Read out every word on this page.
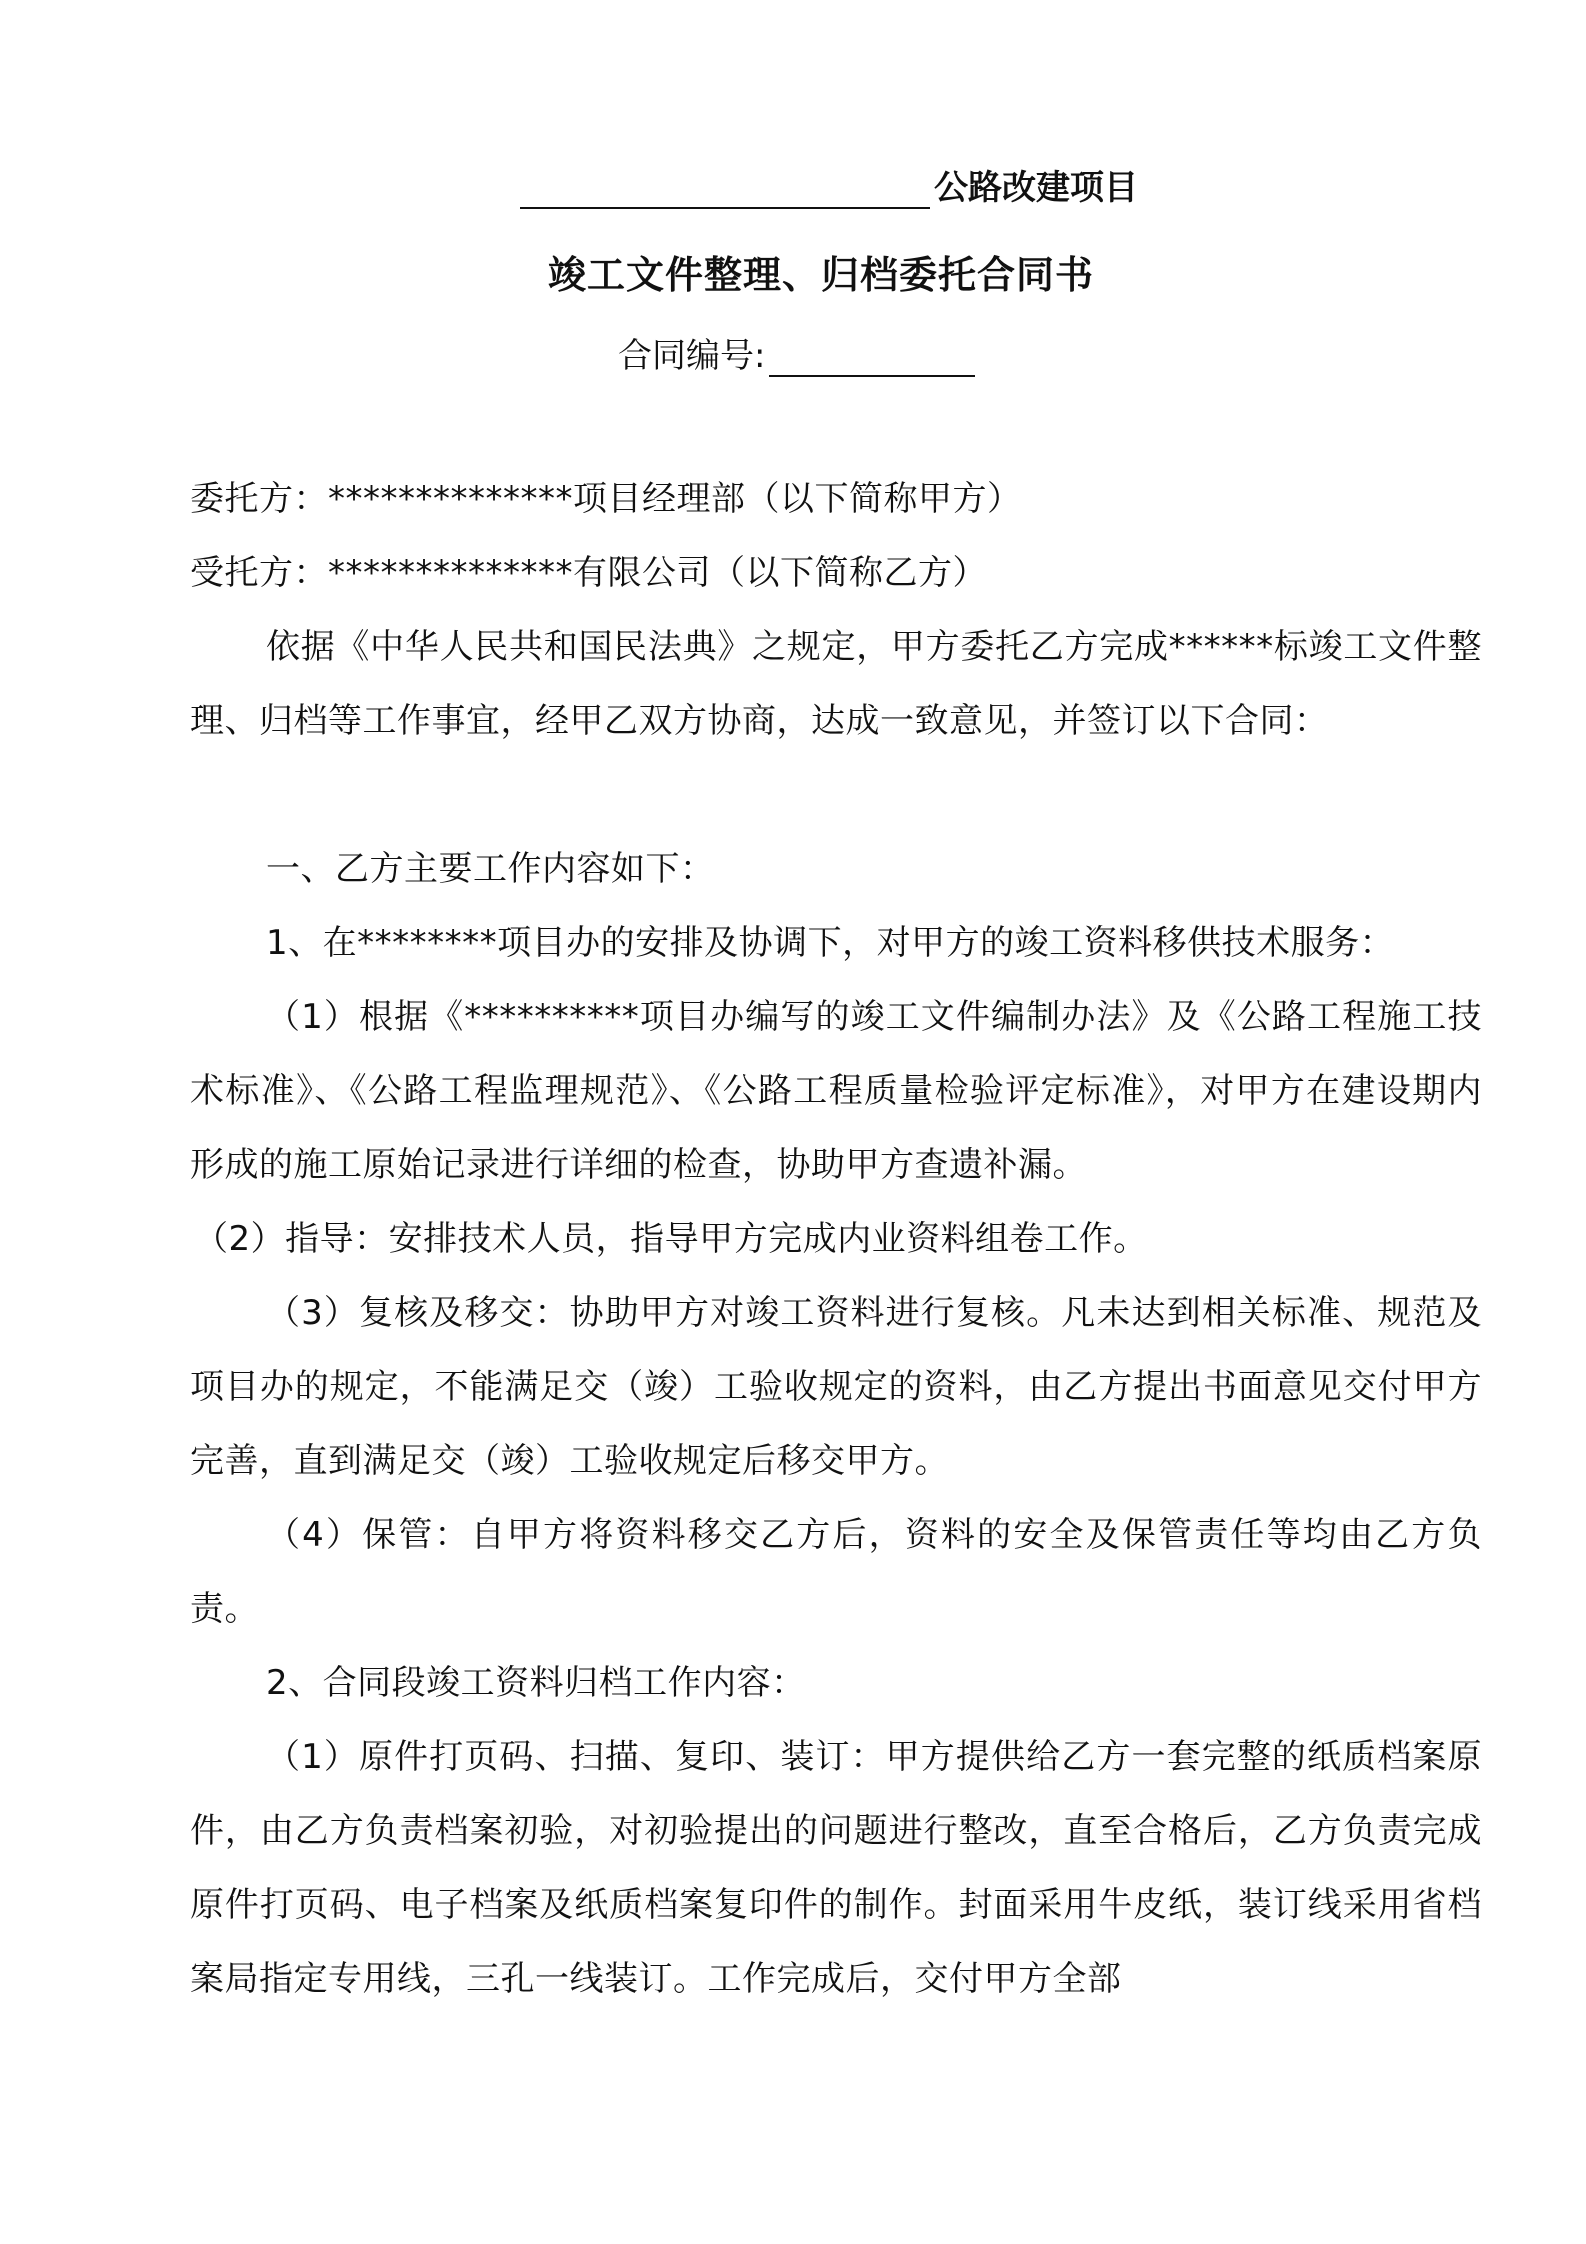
公路改建项目
竣工文件整理、归档委托合同书
合同编号:
委托方：**************项目经理部（以下简称甲方）
受托方：**************有限公司（以下简称乙方）
依据《中华人民共和国民法典》之规定，甲方委托乙方完成******标竣工文件整理、归档等工作事宜，经甲乙双方协商，达成一致意见，并签订以下合同：
一、乙方主要工作内容如下：
1、在********项目办的安排及协调下，对甲方的竣工资料移供技术服务：
（1）根据《**********项目办编写的竣工文件编制办法》及《公路工程施工技术标准》、《公路工程监理规范》、《公路工程质量检验评定标准》，对甲方在建设期内形成的施工原始记录进行详细的检查，协助甲方查遗补漏。
（2）指导：安排技术人员，指导甲方完成内业资料组卷工作。
（3）复核及移交：协助甲方对竣工资料进行复核。凡未达到相关标准、规范及项目办的规定，不能满足交（竣）工验收规定的资料，由乙方提出书面意见交付甲方完善，直到满足交（竣）工验收规定后移交甲方。
（4）保管：自甲方将资料移交乙方后，资料的安全及保管责任等均由乙方负责。
2、合同段竣工资料归档工作内容：
（1）原件打页码、扫描、复印、装订：甲方提供给乙方一套完整的纸质档案原件，由乙方负责档案初验，对初验提出的问题进行整改，直至合格后，乙方负责完成原件打页码、电子档案及纸质档案复印件的制作。封面采用牛皮纸，装订线采用省档案局指定专用线，三孔一线装订。工作完成后，交付甲方全部
